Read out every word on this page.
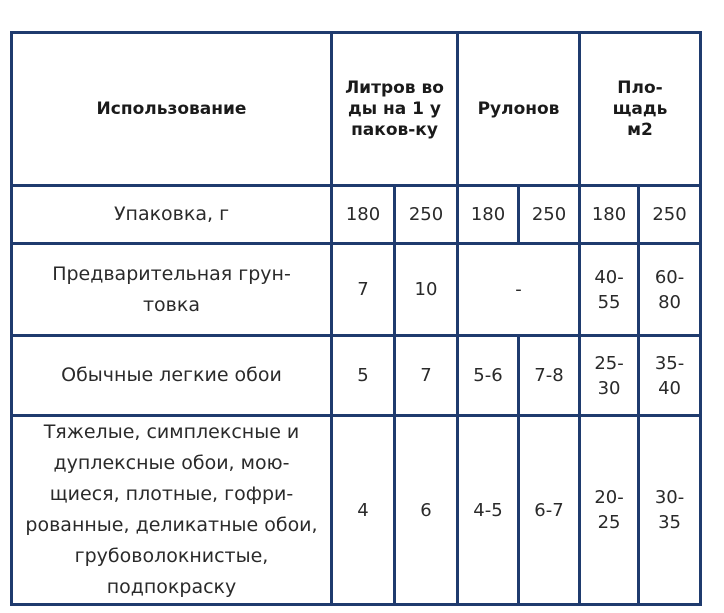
Использование	Литров воды на 1 упаков-ку		Рулонов		Пло-щадь м2	

Упаковка, г	180	250	180	250	180	250

Предварительная грун-товка	7	10	-		40-55	60-80

Обычные легкие обои	5	7	5-6	7-8	25-30	35-40

Тяжелые, симплексные и дуплексные обои, мою-щиеся, плотные, гофри-рованные, деликатные обои, грубоволокнистые, подпокраску	4	6	4-5	6-7	20-25	30-35
